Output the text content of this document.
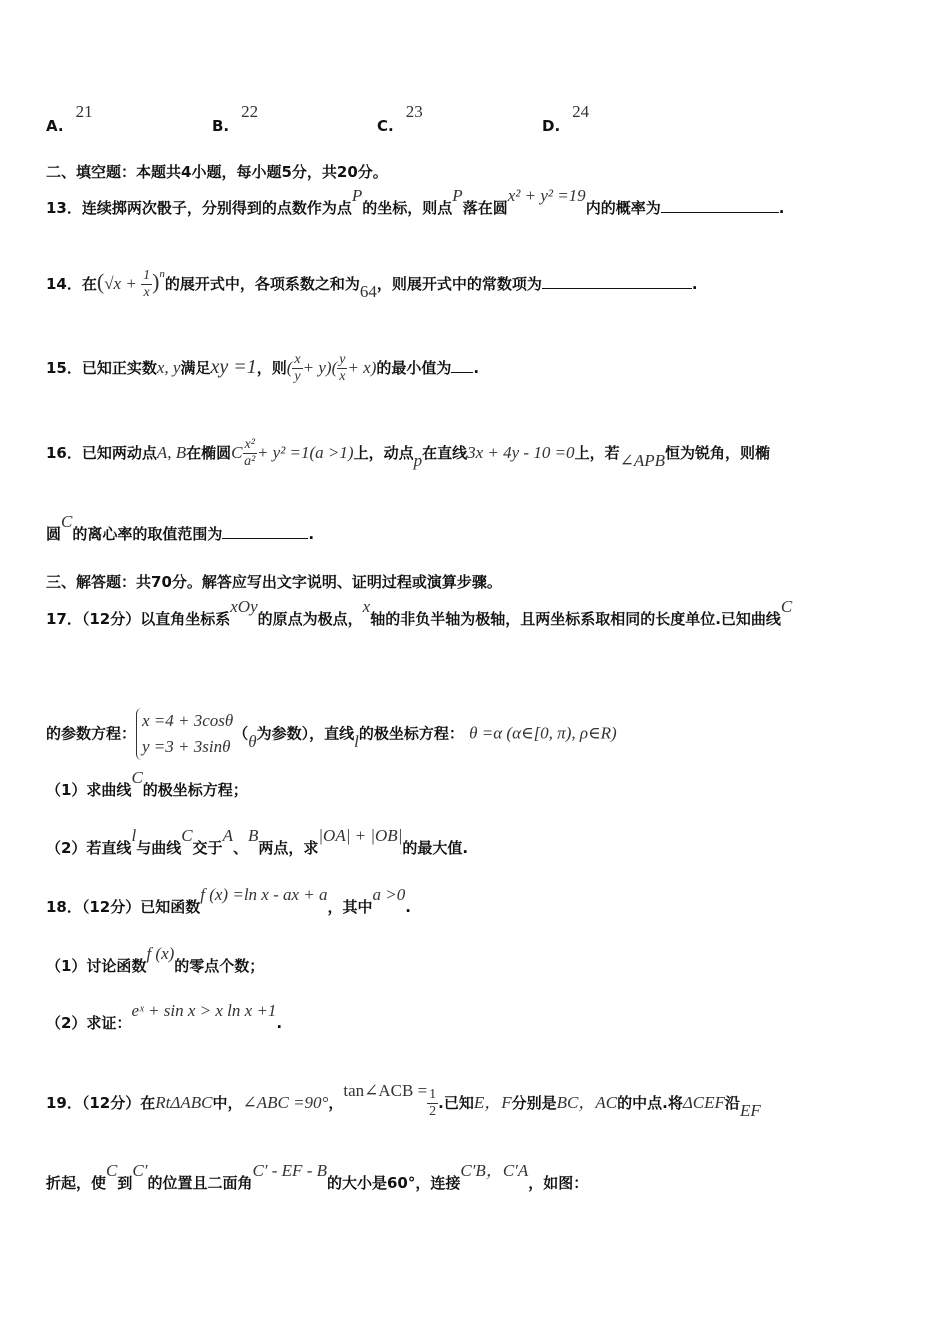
A.21
B.22
C.23
D.24
二、填空题：本题共4小题，每小题5分，共20分。
13．连续掷两次骰子，分别得到的点数作为点P的坐标，则点P落在圆x² + y² =19内的概率为	.
14．在$(√x + \frac{1}{x} )^n$的展开式中，各项系数之和为64，则展开式中的常数项为	.
15．已知正实数x, y满足xy =1，则( $\frac{x}{y} + y)( \frac{y}{x} + x)$的最小值为 .
16．已知两动点A, B在椭圆C $\frac{\text{x²}}{\text{a²}} + y^2 =1(a >1)$上，动点p在直线3x + 4y - 10 =0上，若∠APB恒为锐角，则椭
圆C的离心率的取值范围为	.
三、解答题：共70分。解答应写出文字说明、证明过程或演算步骤。
17．（12分）以直角坐标系xOy的原点为极点，x轴的非负半轴为极轴，且两坐标系取相同的长度单位.已知曲线C
的参数方程：x =4 + 3cosθ
y =3 + 3sinθ（θ为参数），直线l的极坐标方程： θ =α (α∈[0, π), ρ∈R)
（1）求曲线C的极坐标方程；
（2）若直线l与曲线C交于A、B两点，求|OA| + |OB|的最大值.
18．（12分）已知函数f (x) =ln x - ax + a，其中a >0.
（1）讨论函数f (x)的零点个数；
（2）求证：eˣ + sin x > x ln x +1.
19．（12分）在RtΔABC中，∠ABC =90°，tan∠ACB = $\frac{1}{2}$ .已知E，F分别是BC，AC的中点.将ΔCEF沿EF
折起，使C到C′的位置且二面角C′ - EF - B的大小是60°，连接C′B，C′A，如图：
